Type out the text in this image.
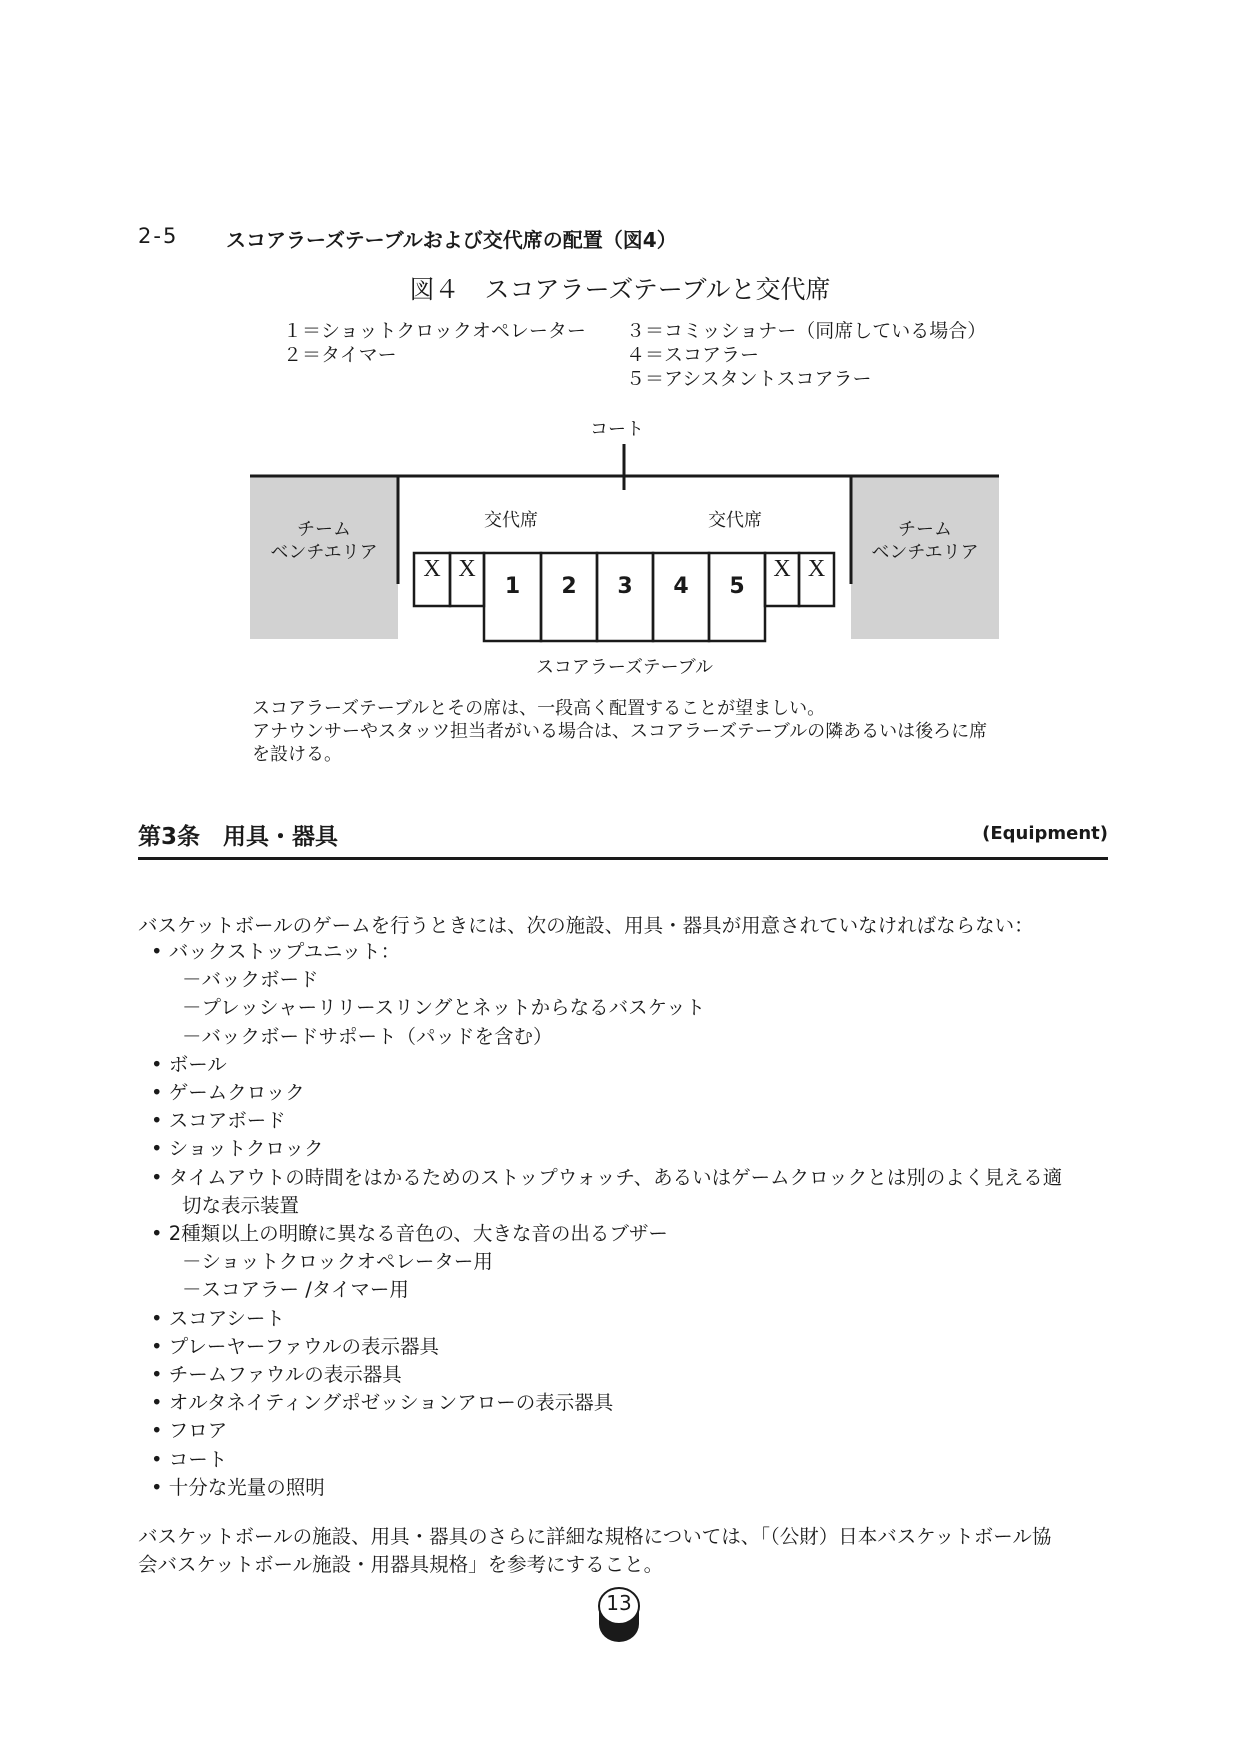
2-5 スコアラーズテーブルおよび交代席の配置（図4）
図４　スコアラーズテーブルと交代席
１＝ショットクロックオペレーター
２＝タイマー
３＝コミッショナー（同席している場合）
４＝スコアラー
５＝アシスタントスコアラー
コート
チーム
ベンチエリア
チーム
ベンチエリア
交代席	交代席
X X	X X
1	2	3	4	5
スコアラーズテーブル
スコアラーズテーブルとその席は、一段高く配置することが望ましい。
アナウンサーやスタッツ担当者がいる場合は、スコアラーズテーブルの隣あるいは後ろに席
を設ける。
第3条　用具・器具	(Equipment)
バスケットボールのゲームを行うときには、次の施設、用具・器具が用意されていなければならない：
• バックストップユニット：
－バックボード
－プレッシャーリリースリングとネットからなるバスケット
－バックボードサポート（パッドを含む）
• ボール
• ゲームクロック
• スコアボード
• ショットクロック
• タイムアウトの時間をはかるためのストップウォッチ、あるいはゲームクロックとは別のよく見える適
切な表示装置
• 2種類以上の明瞭に異なる音色の、大きな音の出るブザー
－ショットクロックオペレーター用
－スコアラー /タイマー用
• スコアシート
• プレーヤーファウルの表示器具
• チームファウルの表示器具
• オルタネイティングポゼッションアローの表示器具
• フロア
• コート
• 十分な光量の照明
バスケットボールの施設、用具・器具のさらに詳細な規格については、「（公財）日本バスケットボール協
会バスケットボール施設・用器具規格」を参考にすること。
13
